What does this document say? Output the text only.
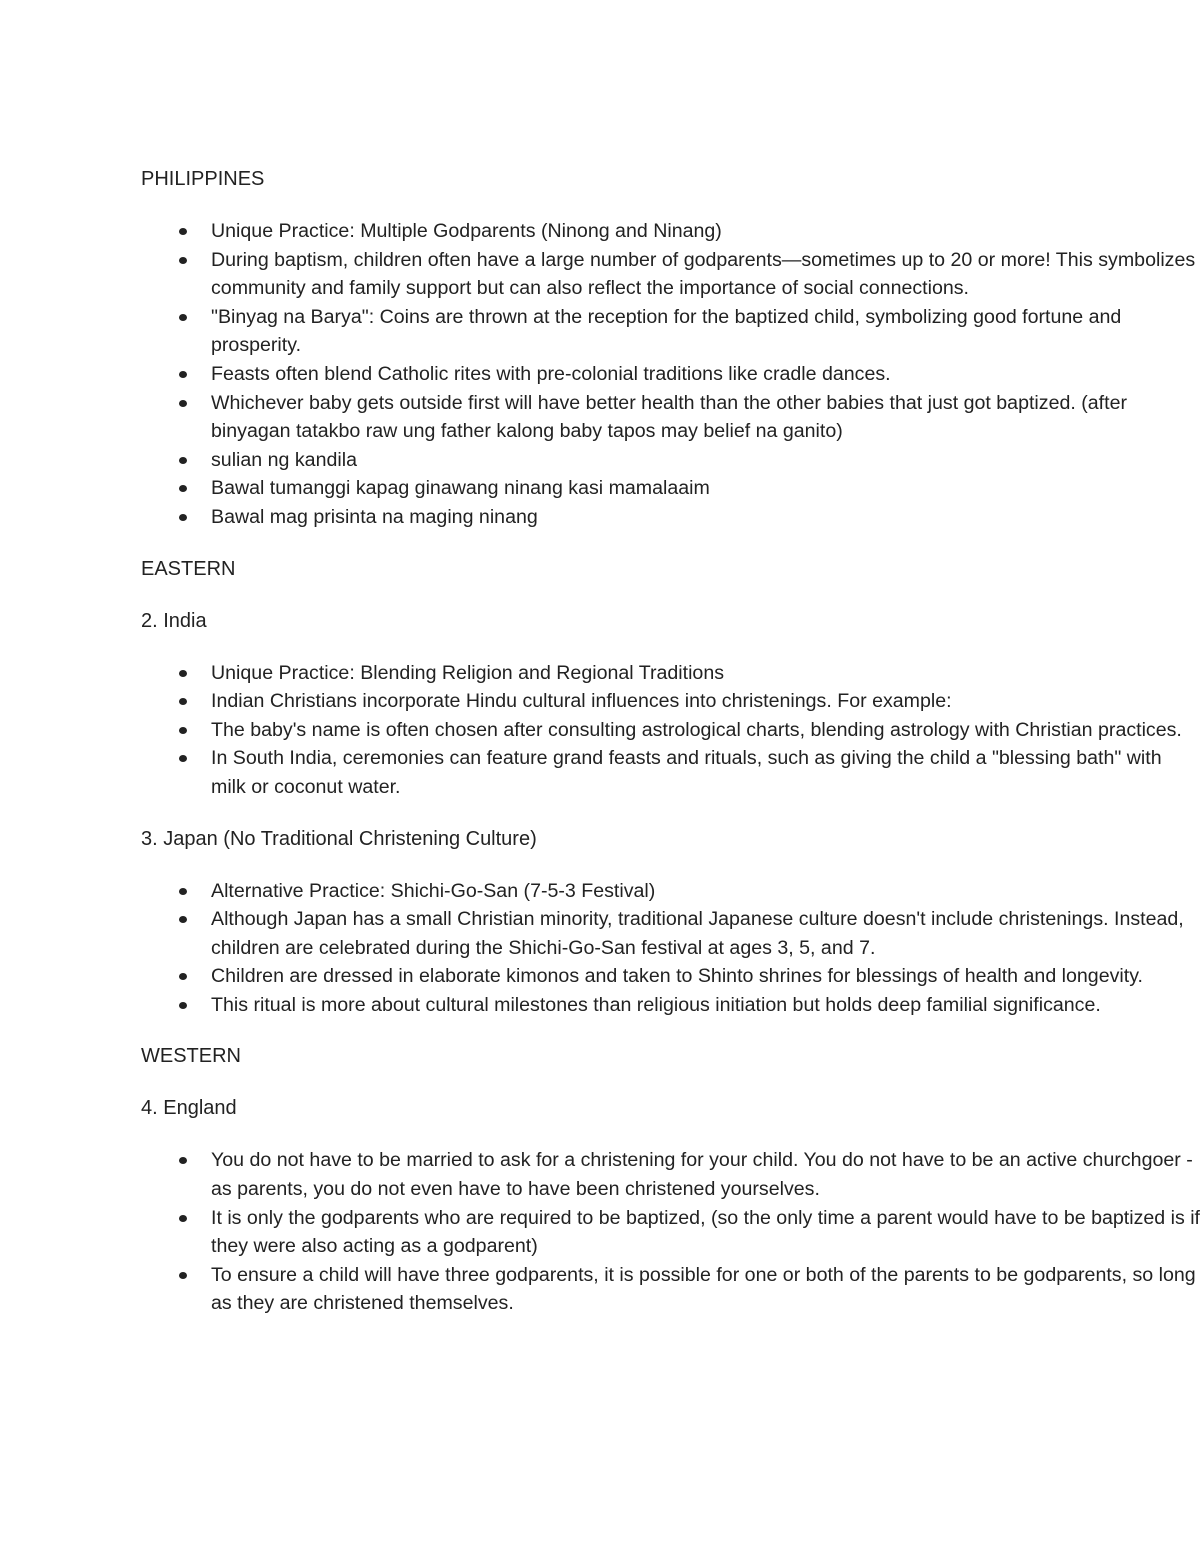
PHILIPPINES

Unique Practice: Multiple Godparents (Ninong and Ninang)
During baptism, children often have a large number of godparents—sometimes up to 20 or more! This symbolizes community and family support but can also reflect the importance of social connections.
"Binyag na Barya": Coins are thrown at the reception for the baptized child, symbolizing good fortune and prosperity.
Feasts often blend Catholic rites with pre-colonial traditions like cradle dances.
Whichever baby gets outside first will have better health than the other babies that just got baptized. (after binyagan tatakbo raw ung father kalong baby tapos may belief na ganito)
sulian ng kandila
Bawal tumanggi kapag ginawang ninang kasi mamalaaim
Bawal mag prisinta na maging ninang

EASTERN

2. India

Unique Practice: Blending Religion and Regional Traditions
Indian Christians incorporate Hindu cultural influences into christenings. For example:
The baby's name is often chosen after consulting astrological charts, blending astrology with Christian practices.
In South India, ceremonies can feature grand feasts and rituals, such as giving the child a "blessing bath" with milk or coconut water.

3. Japan (No Traditional Christening Culture)

Alternative Practice: Shichi-Go-San (7-5-3 Festival)
Although Japan has a small Christian minority, traditional Japanese culture doesn't include christenings. Instead, children are celebrated during the Shichi-Go-San festival at ages 3, 5, and 7.
Children are dressed in elaborate kimonos and taken to Shinto shrines for blessings of health and longevity.
This ritual is more about cultural milestones than religious initiation but holds deep familial significance.

WESTERN

4. England

You do not have to be married to ask for a christening for your child. You do not have to be an active churchgoer - as parents, you do not even have to have been christened yourselves.
It is only the godparents who are required to be baptized, (so the only time a parent would have to be baptized is if they were also acting as a godparent)
To ensure a child will have three godparents, it is possible for one or both of the parents to be godparents, so long as they are christened themselves.
